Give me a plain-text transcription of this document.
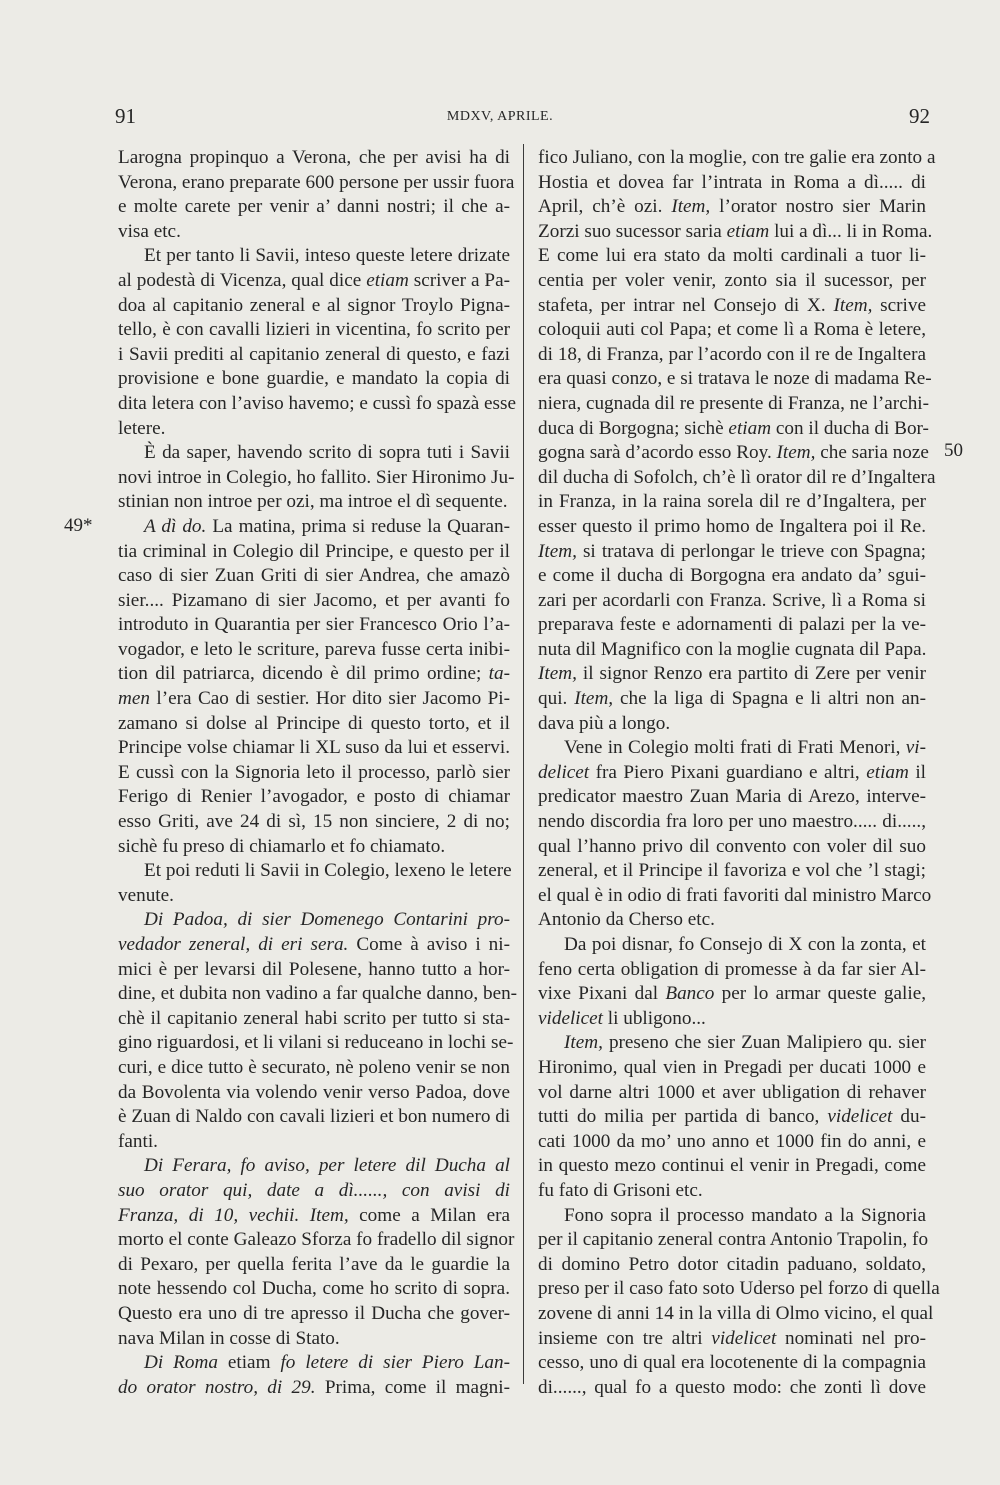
91	MDXV, APRILE.	92
49*
50
Larogna propinquo a Verona, che per avisi ha di
Verona, erano preparate 600 persone per ussir fuora
e molte carete per venir a’ danni nostri; il che a-
visa etc.
Et per tanto li Savii, inteso queste letere drizate
al podestà di Vicenza, qual dice etiam scriver a Pa-
doa al capitanio zeneral e al signor Troylo Pigna-
tello, è con cavalli lizieri in vicentina, fo scrito per
i Savii prediti al capitanio zeneral di questo, e fazi
provisione e bone guardie, e mandato la copia di
dita letera con l’aviso havemo; e cussì fo spazà esse
letere.
È da saper, havendo scrito di sopra tuti i Savii
novi introe in Colegio, ho fallito. Sier Hironimo Ju-
stinian non introe per ozi, ma introe el dì sequente.
A dì do. La matina, prima si reduse la Quaran-
tia criminal in Colegio dil Principe, e questo per il
caso di sier Zuan Griti di sier Andrea, che amazò
sier.... Pizamano di sier Jacomo, et per avanti fo
introduto in Quarantia per sier Francesco Orio l’a-
vogador, e leto le scriture, pareva fusse certa inibi-
tion dil patriarca, dicendo è dil primo ordine; ta-
men l’era Cao di sestier. Hor dito sier Jacomo Pi-
zamano si dolse al Principe di questo torto, et il
Principe volse chiamar li XL suso da lui et esservi.
E cussì con la Signoria leto il processo, parlò sier
Ferigo di Renier l’avogador, e posto di chiamar
esso Griti, ave 24 di sì, 15 non sinciere, 2 di no;
sichè fu preso di chiamarlo et fo chiamato.
Et poi reduti li Savii in Colegio, lexeno le letere
venute.
Di Padoa, di sier Domenego Contarini pro-
vedador zeneral, di eri sera. Come à aviso i ni-
mici è per levarsi dil Polesene, hanno tutto a hor-
dine, et dubita non vadino a far qualche danno, ben-
chè il capitanio zeneral habi scrito per tutto si sta-
gino riguardosi, et li vilani si reduceano in lochi se-
curi, e dice tutto è securato, nè poleno venir se non
da Bovolenta via volendo venir verso Padoa, dove
è Zuan di Naldo con cavali lizieri et bon numero di
fanti.
Di Ferara, fo aviso, per letere dil Ducha al
suo orator qui, date a dì......, con avisi di
Franza, di 10, vechii. Item, come a Milan era
morto el conte Galeazo Sforza fo fradello dil signor
di Pexaro, per quella ferita l’ave da le guardie la
note hessendo col Ducha, come ho scrito di sopra.
Questo era uno di tre apresso il Ducha che gover-
nava Milan in cosse di Stato.
Di Roma etiam fo letere di sier Piero Lan-
do orator nostro, di 29. Prima, come il magni-
fico Juliano, con la moglie, con tre galie era zonto a
Hostia et dovea far l’intrata in Roma a dì..... di
April, ch’è ozi. Item, l’orator nostro sier Marin
Zorzi suo sucessor saria etiam lui a dì... li in Roma.
E come lui era stato da molti cardinali a tuor li-
centia per voler venir, zonto sia il sucessor, per
stafeta, per intrar nel Consejo di X. Item, scrive
coloquii auti col Papa; et come lì a Roma è letere,
di 18, di Franza, par l’acordo con il re de Ingaltera
era quasi conzo, e si tratava le noze di madama Re-
niera, cugnada dil re presente di Franza, ne l’archi-
duca di Borgogna; sichè etiam con il ducha di Bor-
gogna sarà d’acordo esso Roy. Item, che saria noze
dil ducha di Sofolch, ch’è lì orator dil re d’Ingaltera
in Franza, in la raina sorela dil re d’Ingaltera, per
esser questo il primo homo de Ingaltera poi il Re.
Item, si tratava di perlongar le trieve con Spagna;
e come il ducha di Borgogna era andato da’ sgui-
zari per acordarli con Franza. Scrive, lì a Roma si
preparava feste e adornamenti di palazi per la ve-
nuta dil Magnifico con la moglie cugnata dil Papa.
Item, il signor Renzo era partito di Zere per venir
qui. Item, che la liga di Spagna e li altri non an-
dava più a longo.
Vene in Colegio molti frati di Frati Menori, vi-
delicet fra Piero Pixani guardiano e altri, etiam il
predicator maestro Zuan Maria di Arezo, interve-
nendo discordia fra loro per uno maestro..... di.....,
qual l’hanno privo dil convento con voler dil suo
zeneral, et il Principe il favoriza e vol che ’l stagi;
el qual è in odio di frati favoriti dal ministro Marco
Antonio da Cherso etc.
Da poi disnar, fo Consejo di X con la zonta, et
feno certa obligation di promesse à da far sier Al-
vixe Pixani dal Banco per lo armar queste galie,
videlicet li ubligono...
Item, preseno che sier Zuan Malipiero qu. sier
Hironimo, qual vien in Pregadi per ducati 1000 e
vol darne altri 1000 et aver ubligation di rehaver
tutti do milia per partida di banco, videlicet du-
cati 1000 da mo’ uno anno et 1000 fin do anni, e
in questo mezo continui el venir in Pregadi, come
fu fato di Grisoni etc.
Fono sopra il processo mandato a la Signoria
per il capitanio zeneral contra Antonio Trapolin, fo
di domino Petro dotor citadin paduano, soldato,
preso per il caso fato soto Uderso pel forzo di quella
zovene di anni 14 in la villa di Olmo vicino, el qual
insieme con tre altri videlicet nominati nel pro-
cesso, uno di qual era locotenente di la compagnia
di......, qual fo a questo modo: che zonti lì dove
